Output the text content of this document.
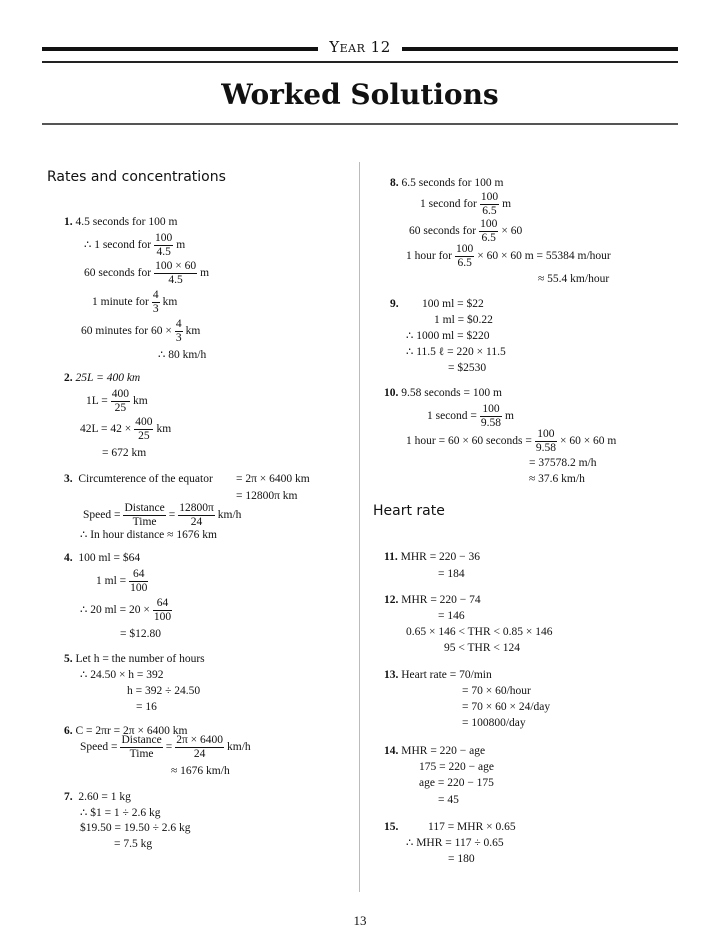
Year 12
Worked Solutions
Rates and concentrations
1. 4.5 seconds for 100 m
∴ 1 second for $\frac{100}{4.5}$ m
60 seconds for $\frac{100 \times 60}{4.5}$ m
1 minute for $\frac{4}{3}$ km
60 minutes for $60 \times \frac{4}{3}$ km
∴ 80 km/h
2. 25L = 400 km
$1L = \frac{400}{25}$ km
$42L = 42 \times \frac{400}{25}$ km
= 672 km
3. Circumterence of the equator = 2π × 6400 km
= 12800π km
Speed = $\frac{\text{Distance}}{\text{Time}} = \frac{12800\pi}{24} km/h$
∴ In hour distance ≈ 1676 km
4. 100 ml = $64
1 ml = $\frac{64}{100}$
∴ 20 ml = $20 \times \frac{64}{100}$
= $12.80
5. Let h = the number of hours
∴ 24.50 × h = 392
h = 392 ÷ 24.50
= 16
6. C = 2πr = 2π × 6400 km
Speed = $\frac{\text{Distance}}{\text{Time}} = \frac{2\pi \times 6400}{24} km/h$
≈ 1676 km/h
7. 2.60 = 1 kg
∴ $1 = 1 ÷ 2.6 kg
$19.50 = 19.50 ÷ 2.6 kg
= 7.5 kg
8. 6.5 seconds for 100 m
1 second for $\frac{100}{6.5}$ m
60 seconds for $\frac{100}{6.5} \times 60$
1 hour for $\frac{100}{6.5} \times 60 \times 60$ m = 55384 m/hour
≈ 55.4 km/hour
9. 100 ml = $22
1 ml = $0.22
∴ 1000 ml = $220
∴ 11.5 ℓ = 220 × 11.5
= $2530
10. 9.58 seconds = 100 m
1 second = $\frac{100}{9.58}$ m
1 hour = 60 × 60 seconds = $\frac{100}{9.58} \times 60 \times 60$ m
= 37578.2 m/h
≈ 37.6 km/h
Heart rate
11. MHR = 220 − 36
= 184
12. MHR = 220 − 74
= 146
0.65 × 146 < THR < 0.85 × 146
95 < THR < 124
13. Heart rate = 70/min
= 70 × 60/hour
= 70 × 60 × 24/day
= 100800/day
14. MHR = 220 − age
175 = 220 − age
age = 220 − 175
= 45
15.	117 = MHR × 0.65
∴ MHR = 117 ÷ 0.65
= 180
13
